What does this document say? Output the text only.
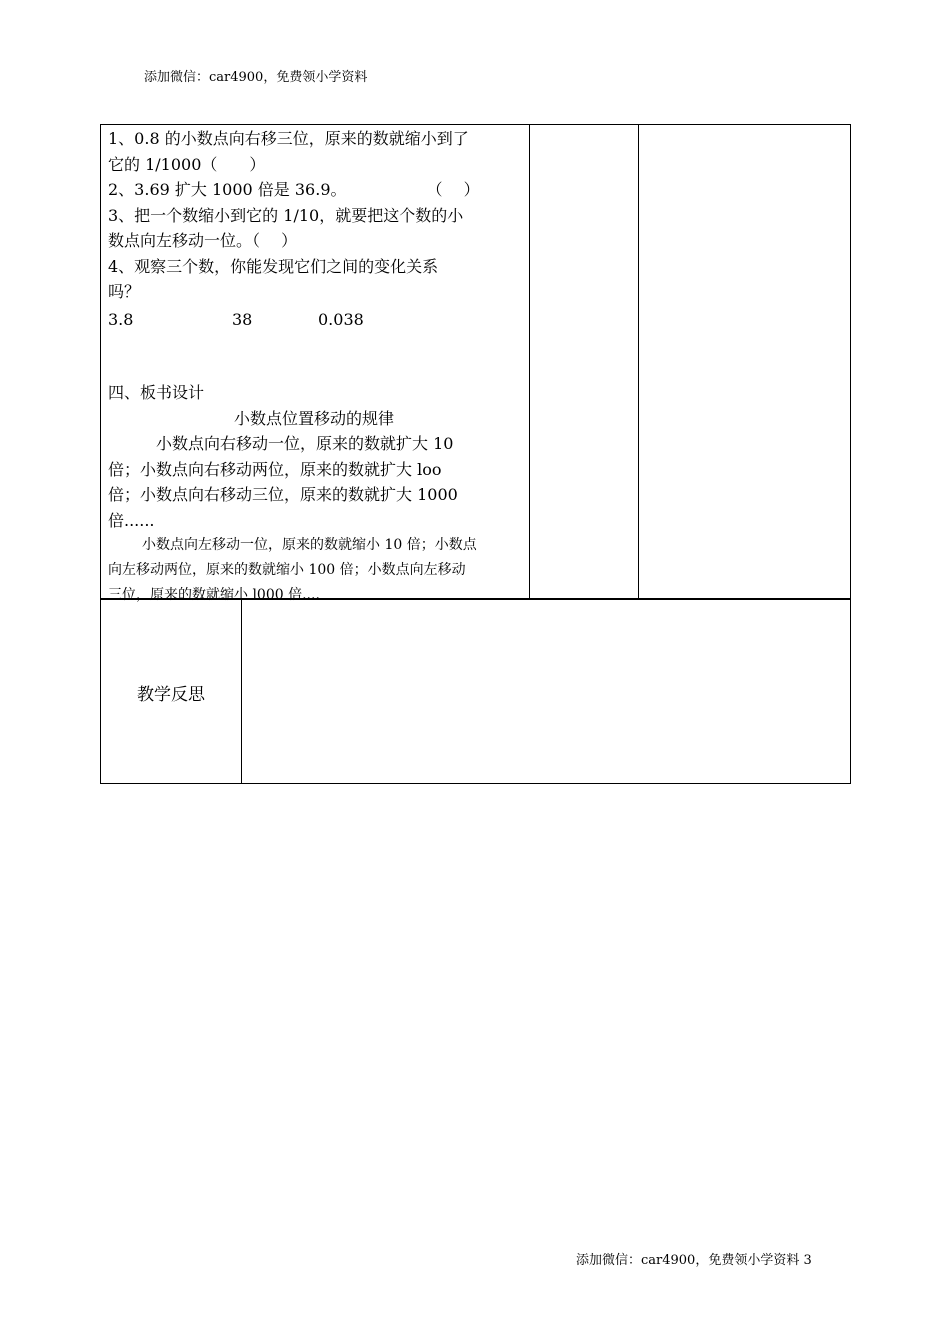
添加微信：car4900，免费领小学资料

1、0.8 的小数点向右移三位，原来的数就缩小到了

它的 1/1000（　　）

2、3.69 扩大 1000 倍是 36.9。	（　 ）

3、把一个数缩小到它的 1/10，就要把这个数的小

数点向左移动一位。（　 ）

4、观察三个数，你能发现它们之间的变化关系

吗？

3.8	38	0.038

四、板书设计

小数点位置移动的规律

小数点向右移动一位，原来的数就扩大 10

倍；小数点向右移动两位，原来的数就扩大 loo

倍；小数点向右移动三位，原来的数就扩大 1000

倍......

小数点向左移动一位，原来的数就缩小 10 倍；小数点

向左移动两位，原来的数就缩小 100 倍；小数点向左移动

三位，原来的数就缩小 l000 倍....

教学反思
添加微信：car4900，免费领小学资料 3
